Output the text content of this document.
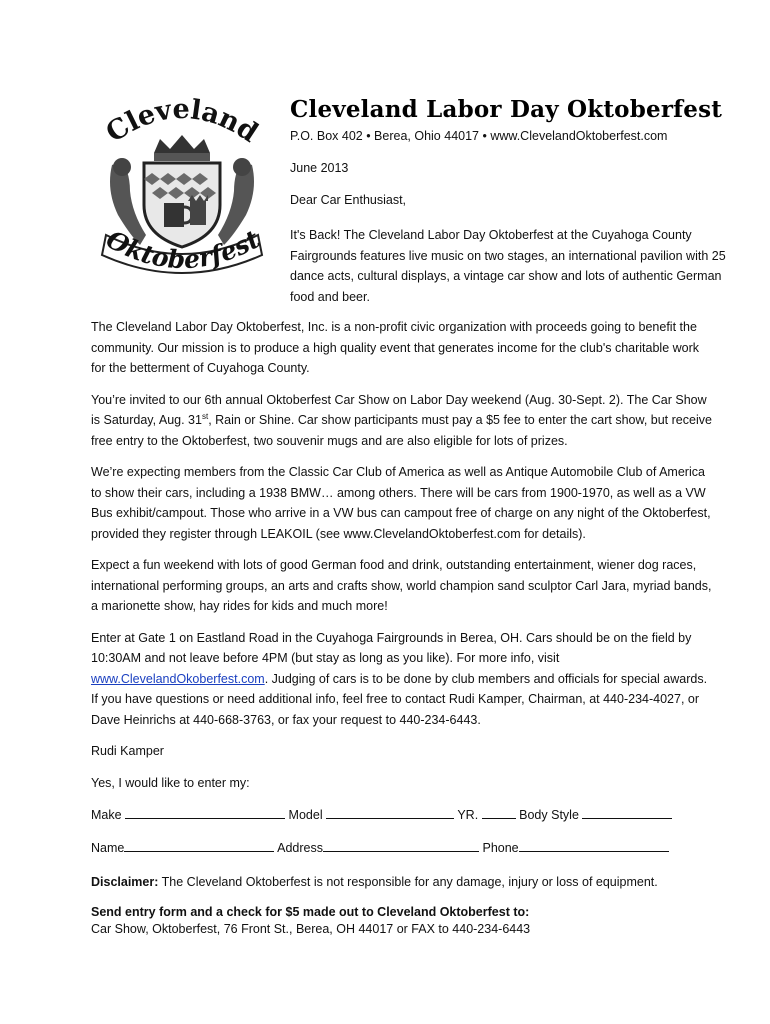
Cleveland
Oktoberfest
Cleveland Labor Day Oktoberfest
P.O. Box 402 • Berea, Ohio 44017 • www.ClevelandOktoberfest.com
June 2013
Dear Car Enthusiast,

It's Back! The Cleveland Labor Day Oktoberfest at the Cuyahoga County Fairgrounds features live music on two stages, an international pavilion with 25 dance acts, cultural displays, a vintage car show and lots of authentic German food and beer.

The Cleveland Labor Day Oktoberfest, Inc. is a non-profit civic organization with proceeds going to benefit the community. Our mission is to produce a high quality event that generates income for the club's charitable work for the betterment of Cuyahoga County.

You’re invited to our 6th annual Oktoberfest Car Show on Labor Day weekend (Aug. 30-Sept. 2). The Car Show is Saturday, Aug. 31st, Rain or Shine. Car show participants must pay a $5 fee to enter the cart show, but receive free entry to the Oktoberfest, two souvenir mugs and are also eligible for lots of prizes.

We’re expecting members from the Classic Car Club of America as well as Antique Automobile Club of America to show their cars, including a 1938 BMW… among others. There will be cars from 1900-1970, as well as a VW Bus exhibit/campout. Those who arrive in a VW bus can campout free of charge on any night of the Oktoberfest, provided they register through LEAKOIL (see www.ClevelandOktoberfest.com for details).

Expect a fun weekend with lots of good German food and drink, outstanding entertainment, wiener dog races, international performing groups, an arts and crafts show, world champion sand sculptor Carl Jara, myriad bands, a marionette show, hay rides for kids and much more!

Enter at Gate 1 on Eastland Road in the Cuyahoga Fairgrounds in Berea, OH. Cars should be on the field by 10:30AM and not leave before 4PM (but stay as long as you like). For more info, visit www.ClevelandOkoberfest.com. Judging of cars is to be done by club members and officials for special awards. If you have questions or need additional info, feel free to contact Rudi Kamper, Chairman, at 440-234-4027, or Dave Heinrichs at 440-668-3763, or fax your request to 440-234-6443.

Rudi Kamper

Yes, I would like to enter my:

Make	Model	YR.	Body Style
Name	Address	Phone

Disclaimer: The Cleveland Oktoberfest is not responsible for any damage, injury or loss of equipment.

Send entry form and a check for $5 made out to Cleveland Oktoberfest to:
Car Show, Oktoberfest, 76 Front St., Berea, OH 44017 or FAX to 440-234-6443
